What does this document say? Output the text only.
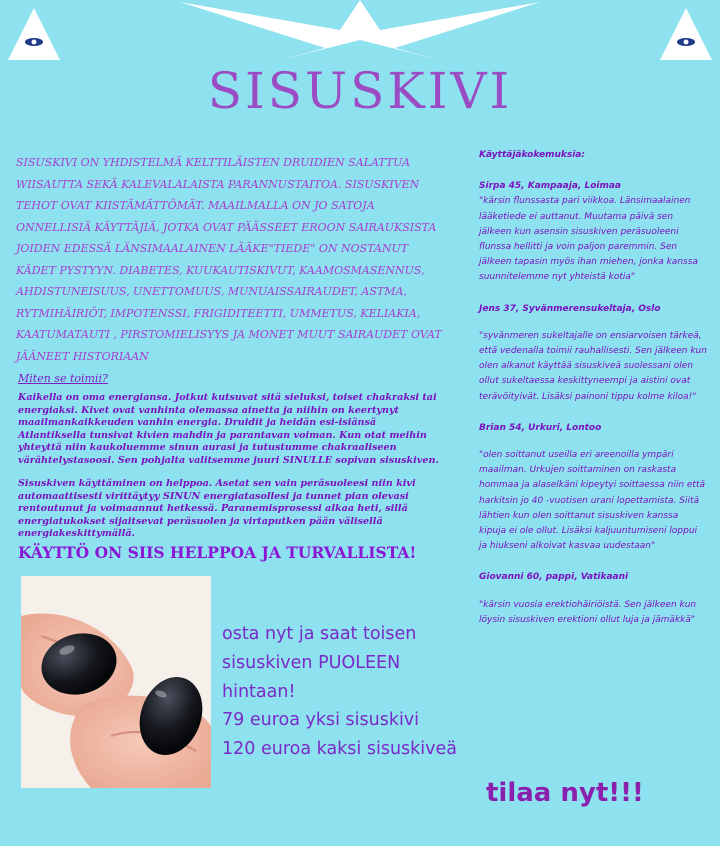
SISUSKIVI
SISUSKIVI ON YHDISTELMÄ KELTTILÄISTEN DRUIDIEN SALATTUA WIISAUTTA SEKÄ KALEVALALAISTA PARANNUSTAITOA. SISUSKIVEN TEHOT OVAT KIISTÄMÄTTÖMÄT. MAAILMALLA ON JO SATOJA ONNELLISIÄ KÄYTTÄJIÄ, JOTKA OVAT PÄÄSSEET EROON SAIRAUKSISTA JOIDEN EDESSÄ LÄNSIMAALAINEN LÄÄKE"TIEDE" ON NOSTANUT KÄDET PYSTYYN. DIABETES, KUUKAUTISKIVUT, KAAMOSMASENNUS, AHDISTUNEISUUS, UNETTOMUUS, MUNUAISSAIRAUDET, ASTMA, RYTMIHÄIRIÖT, IMPOTENSSI, FRIGIDITEETTI, UMMETUS, KELIAKIA, KAATUMATAUTI , PIRSTOMIELISYYS JA MONET MUUT SAIRAUDET OVAT JÄÄNEET HISTORIAAN
Miten se toimii?
Kaikella on oma energiansa. Jotkut kutsuvat sitä sieluksi, toiset chakraksi tai energiaksi. Kivet ovat vanhinta olemassa ainetta ja niihin on keertynyt maailmankaikkeuden vanhin energia. Druidit ja heidän esi-isiänsä Atlantiksella tunsivat kivien mahdin ja parantavan voiman. Kun otat meihin yhteyttä niin kaukoluemme sinun aurasi ja tutustumme chakraaliseen värähtelystasoosi. Sen pohjalta valitsemme juuri SINULLE sopivan sisuskiven.
Sisuskiven käyttäminen on helppoa. Asetat sen vain peräsuoleesi niin kivi automaattisesti virittäytyy SINUN energiatasollesi ja tunnet pian olevasi rentoutunut ja voimaannut hetkessä. Paranemisprosessi alkaa heti, sillä energiatukokset sijaitsevat peräsuolen ja virtaputken pään välisellä energiakeskittymällä.
KÄYTTÖ ON SIIS HELPPOA JA TURVALLISTA!
osta nyt ja saat toisen
sisuskiven PUOLEEN
hintaan!
79 euroa yksi sisuskivi
120 euroa kaksi sisuskiveä
tilaa nyt!!!
Käyttäjäkokemuksia:
Sirpa 45, Kampaaja, Loimaa
"kärsin flunssasta pari viikkoa. Länsimaalainen lääketiede ei auttanut. Muutama päivä sen jälkeen kun asensin sisuskiven peräsuoleeni flunssa hellitti ja voin paljon paremmin. Sen jälkeen tapasin myös ihan miehen, jonka kanssa suunnitelemme nyt yhteistä kotia"
Jens 37, Syvänmerensukeltaja, Oslo
"syvänmeren sukeltajalle on ensiarvoisen tärkeä, että vedenalla toimii rauhallisesti. Sen jälkeen kun olen alkanut käyttää sisuskiveä suolessani olen ollut sukeltaessa keskittyneempi ja aistini ovat terävöityivät. Lisäksi painoni tippu kolme kiloa!"
Brian 54, Urkuri, Lontoo
"olen soittanut useilla eri areenoilla ympäri maailman. Urkujen soittaminen on raskasta hommaa ja alaselkäni kipeytyi soittaessa niin että harkitsin jo 40 -vuotisen urani lopettamista. Siitä lähtien kun olen soittanut sisuskiven kanssa kipuja ei ole ollut. Lisäksi kaljuuntumiseni loppui ja hiukseni alkoivat kasvaa uudestaan"
Giovanni 60, pappi, Vatikaani
"kärsin vuosia erektiohäiriöistä. Sen jälkeen kun löysin sisuskiven erektioni ollut luja ja jämäkkä"
